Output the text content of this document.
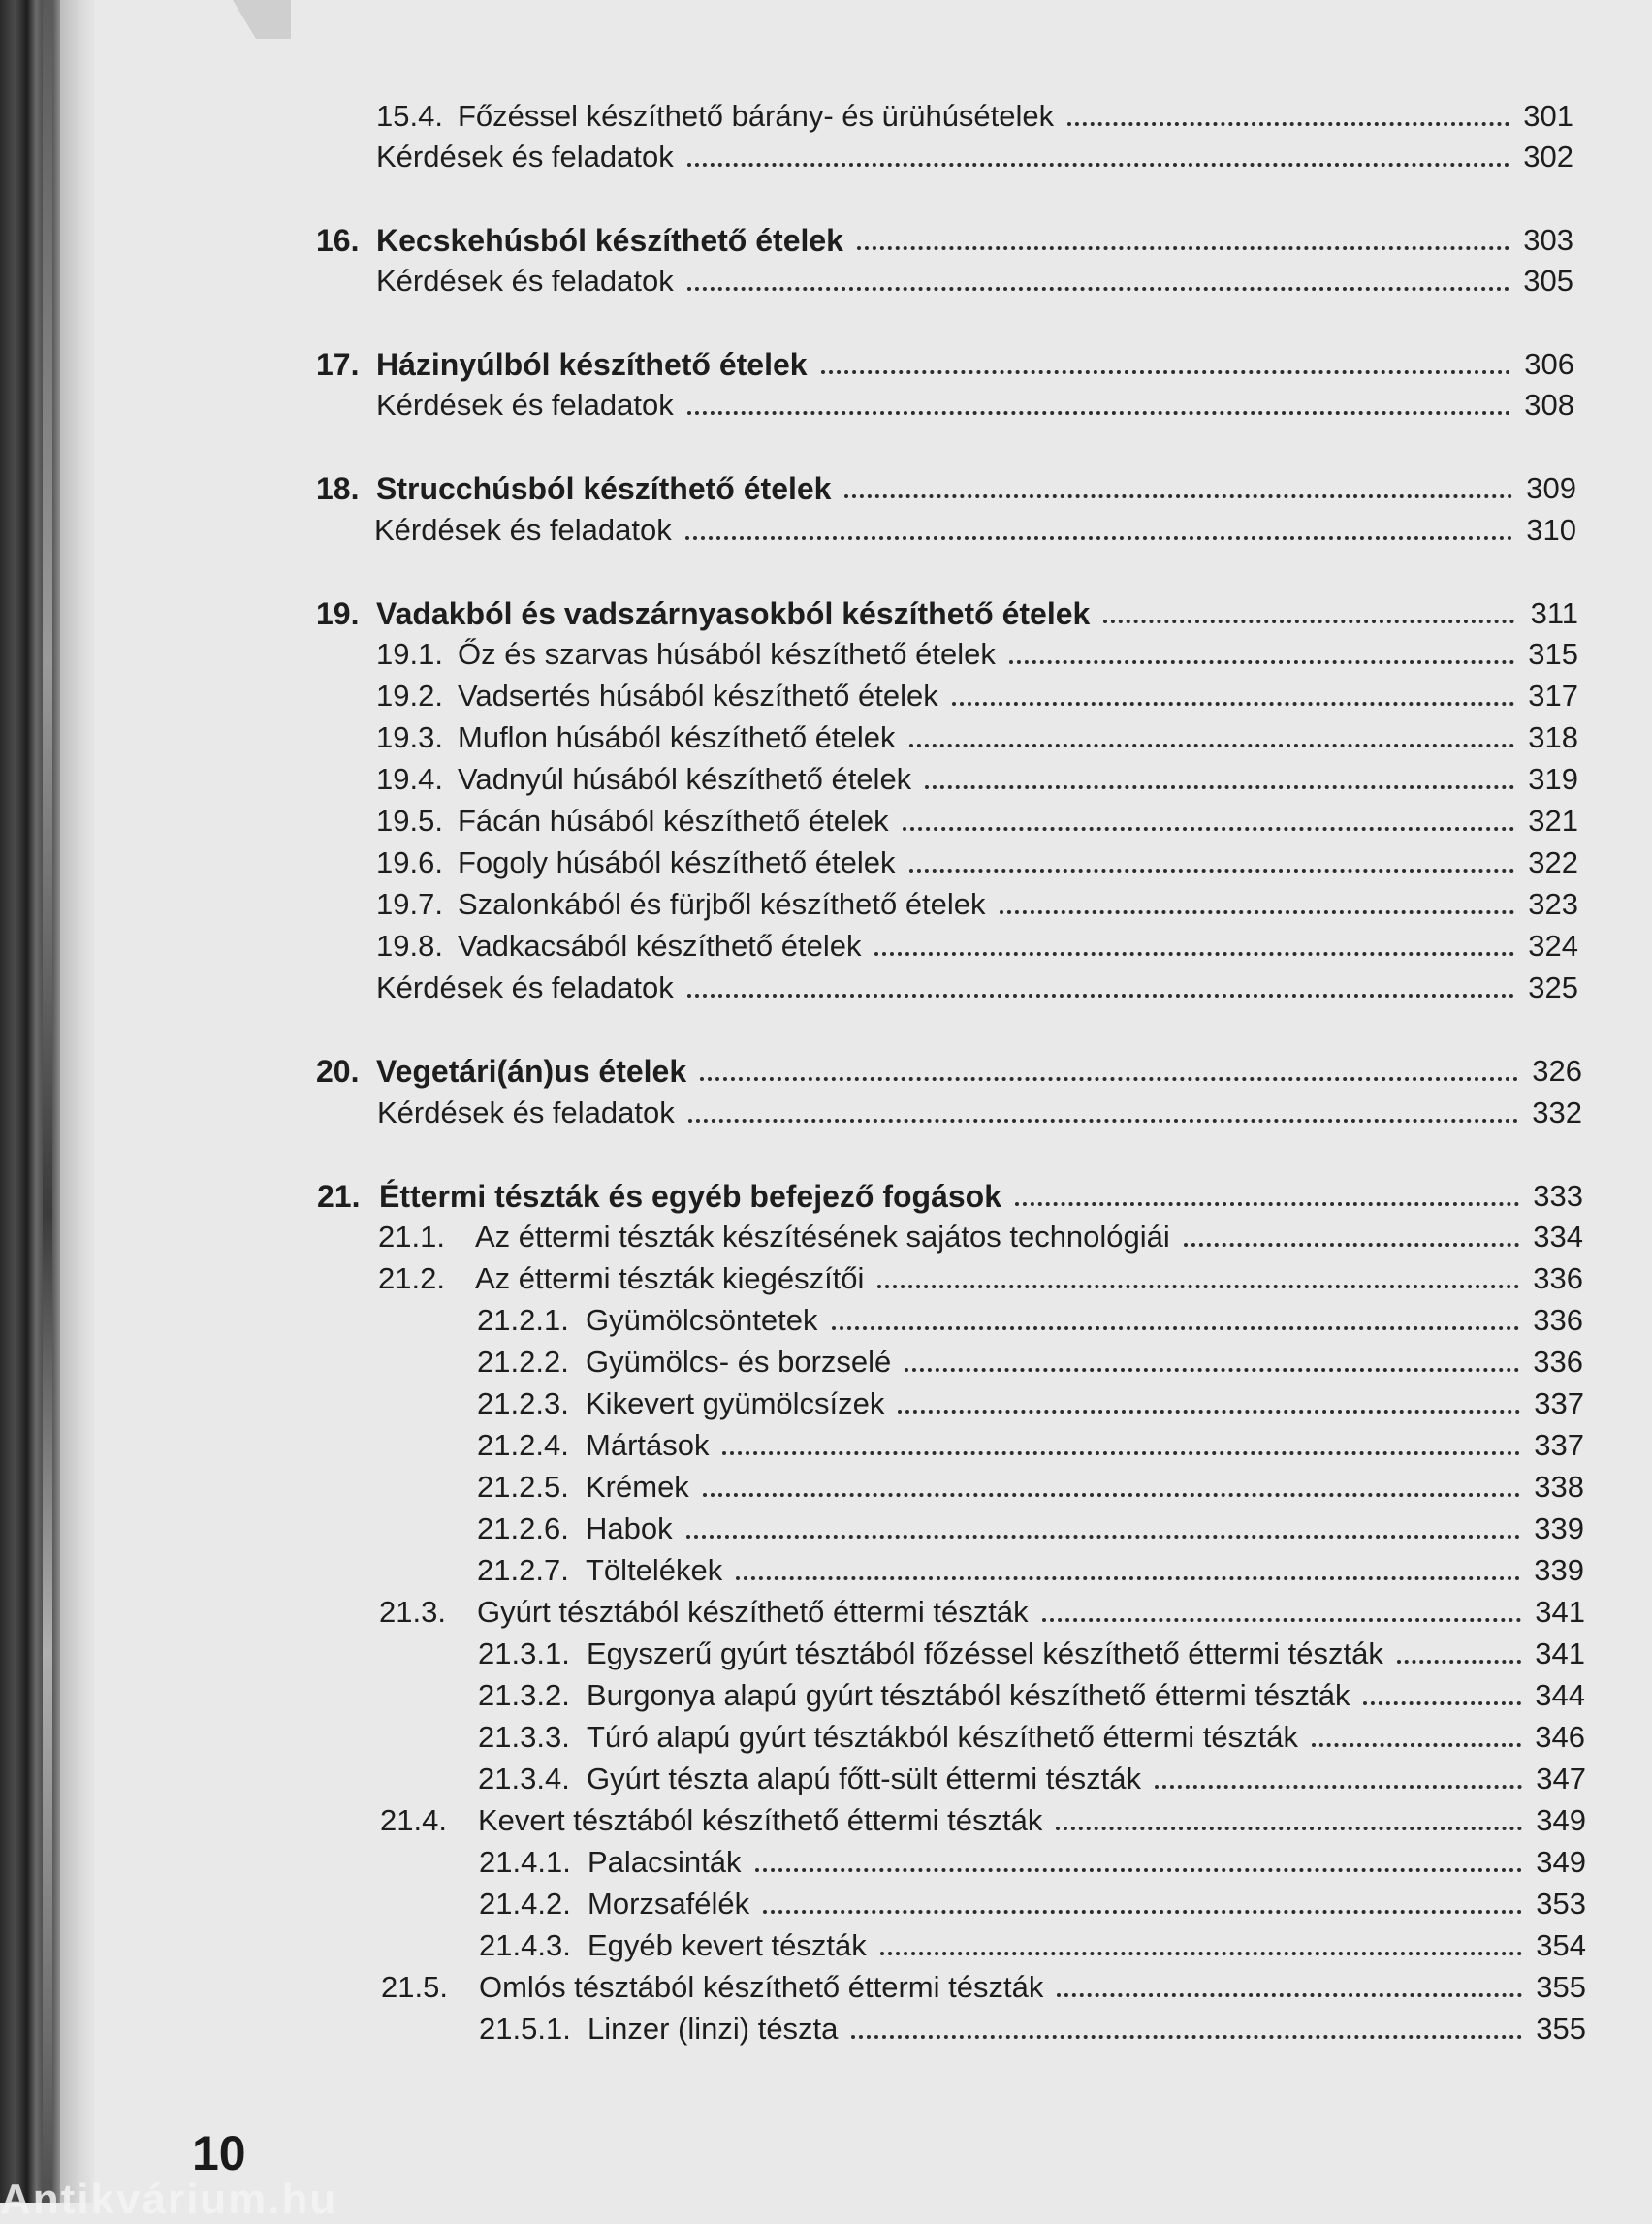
15.4. Főzéssel készíthető bárány- és ürühúsételek	301
Kérdések és feladatok	302
16. Kecskehúsból készíthető ételek	303
Kérdések és feladatok	305
17. Házinyúlból készíthető ételek	306
Kérdések és feladatok	308
18. Strucchúsból készíthető ételek	309
Kérdések és feladatok	310
19. Vadakból és vadszárnyasokból készíthető ételek	311
19.1. Őz és szarvas húsából készíthető ételek	315
19.2. Vadsertés húsából készíthető ételek	317
19.3. Muflon húsából készíthető ételek	318
19.4. Vadnyúl húsából készíthető ételek	319
19.5. Fácán húsából készíthető ételek	321
19.6. Fogoly húsából készíthető ételek	322
19.7. Szalonkából és fürjből készíthető ételek	323
19.8. Vadkacsából készíthető ételek	324
Kérdések és feladatok	325
20. Vegetári(án)us ételek	326
Kérdések és feladatok	332
21. Éttermi tészták és egyéb befejező fogások	333
21.1.	Az éttermi tészták készítésének sajátos technológiái	334
21.2.	Az éttermi tészták kiegészítői	336
21.2.1. Gyümölcsöntetek	336
21.2.2. Gyümölcs- és borzselé	336
21.2.3. Kikevert gyümölcsízek	337
21.2.4. Mártások	337
21.2.5. Krémek	338
21.2.6. Habok	339
21.2.7. Töltelékek	339
21.3.	Gyúrt tésztából készíthető éttermi tészták	341
21.3.1. Egyszerű gyúrt tésztából főzéssel készíthető éttermi tészták	341
21.3.2. Burgonya alapú gyúrt tésztából készíthető éttermi tészták	344
21.3.3. Túró alapú gyúrt tésztákból készíthető éttermi tészták	346
21.3.4. Gyúrt tészta alapú főtt-sült éttermi tészták	347
21.4.	Kevert tésztából készíthető éttermi tészták	349
21.4.1. Palacsinták	349
21.4.2. Morzsafélék	353
21.4.3. Egyéb kevert tészták	354
21.5.	Omlós tésztából készíthető éttermi tészták	355
21.5.1. Linzer (linzi) tészta	355
10
Antikvárium.hu
